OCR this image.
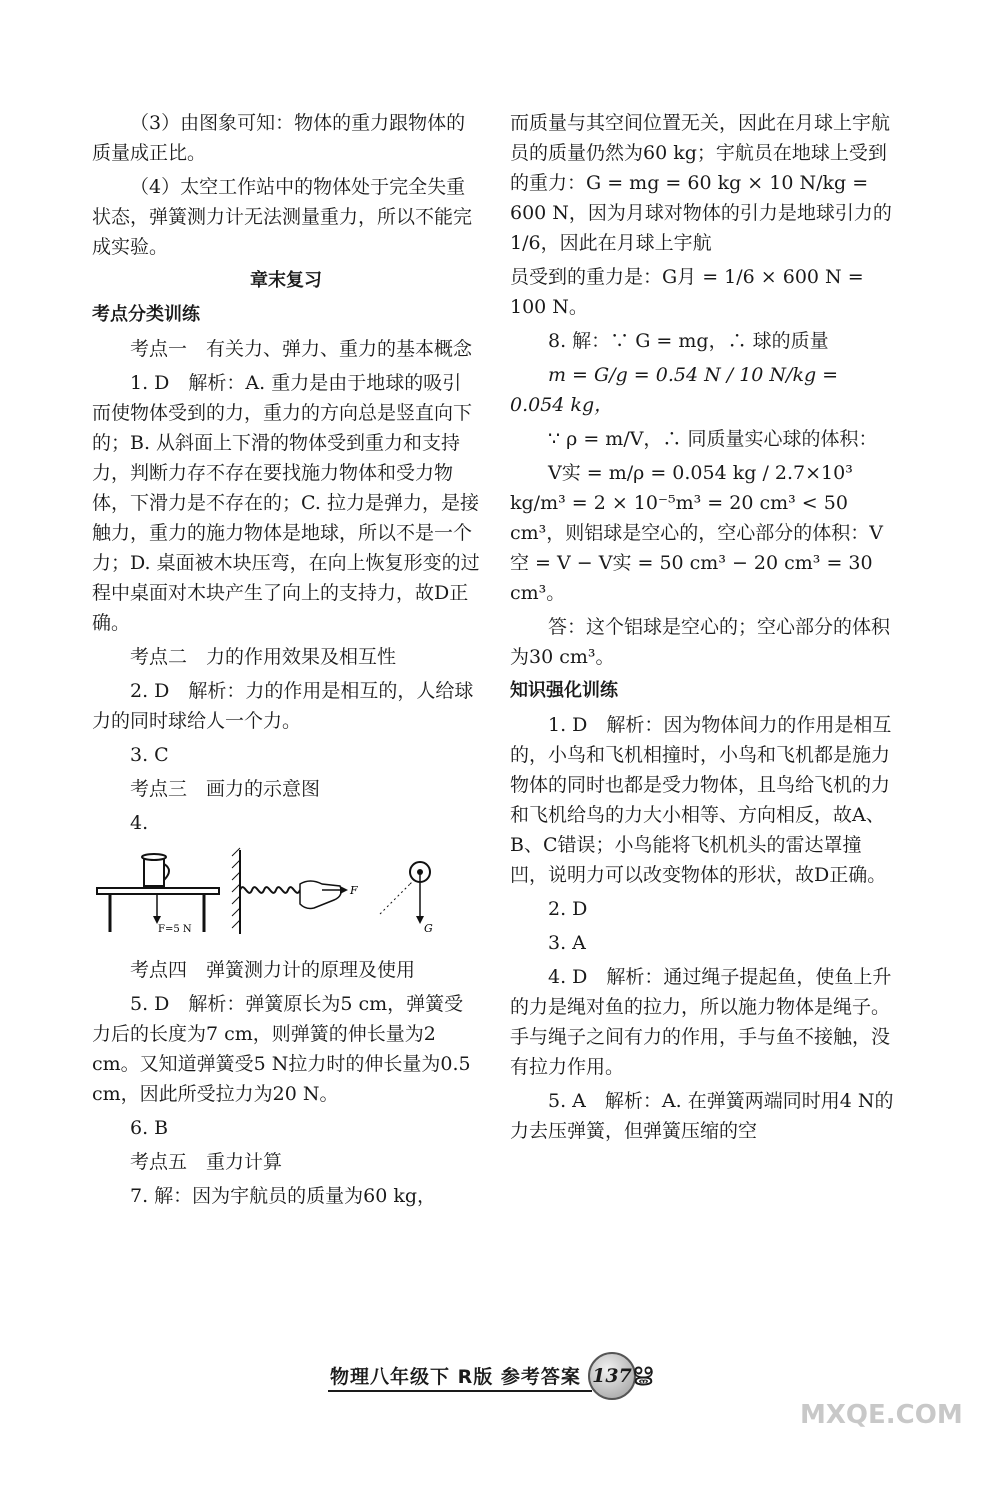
（3）由图象可知：物体的重力跟物体的质量成正比。

（4）太空工作站中的物体处于完全失重状态，弹簧测力计无法测量重力，所以不能完成实验。

章末复习

考点分类训练

考点一　有关力、弹力、重力的基本概念

1. D　解析：A. 重力是由于地球的吸引而使物体受到的力，重力的方向总是竖直向下的；B. 从斜面上下滑的物体受到重力和支持力，判断力存不存在要找施力物体和受力物体，下滑力是不存在的；C. 拉力是弹力，是接触力，重力的施力物体是地球，所以不是一个力；D. 桌面被木块压弯，在向上恢复形变的过程中桌面对木块产生了向上的支持力，故D正确。

考点二　力的作用效果及相互性

2. D　解析：力的作用是相互的，人给球力的同时球给人一个力。

3. C

考点三　画力的示意图

4.

F=5 N
F
G

考点四　弹簧测力计的原理及使用

5. D　解析：弹簧原长为5 cm，弹簧受力后的长度为7 cm，则弹簧的伸长量为2 cm。又知道弹簧受5 N拉力时的伸长量为0.5 cm，因此所受拉力为20 N。

6. B

考点五　重力计算

7. 解：因为宇航员的质量为60 kg，

而质量与其空间位置无关，因此在月球上宇航员的质量仍然为60 kg；宇航员在地球上受到的重力：G = mg = 60 kg × 10 N/kg = 600 N，因为月球对物体的引力是地球引力的1/6，因此在月球上宇航

员受到的重力是：G月 = 1/6 × 600 N = 100 N。

8. 解：∵ G = mg，∴ 球的质量

m = G/g = 0.54 N / 10 N/kg = 0.054 kg，

∵ ρ = m/V，∴ 同质量实心球的体积：

V实 = m/ρ = 0.054 kg / 2.7×10³ kg/m³ = 2 × 10⁻⁵m³ = 20 cm³ < 50 cm³，则铝球是空心的，空心部分的体积：V空 = V − V实 = 50 cm³ − 20 cm³ = 30 cm³。

答：这个铝球是空心的；空心部分的体积为30 cm³。

知识强化训练

1. D　解析：因为物体间力的作用是相互的，小鸟和飞机相撞时，小鸟和飞机都是施力物体的同时也都是受力物体，且鸟给飞机的力和飞机给鸟的力大小相等、方向相反，故A、B、C错误；小鸟能将飞机机头的雷达罩撞凹，说明力可以改变物体的形状，故D正确。

2. D

3. A

4. D　解析：通过绳子提起鱼，使鱼上升的力是绳对鱼的拉力，所以施力物体是绳子。手与绳子之间有力的作用，手与鱼不接触，没有拉力作用。

5. A　解析：A. 在弹簧两端同时用4 N的力去压弹簧，但弹簧压缩的空

物理八年级下 R版 参考答案 137 ൠ
MXQE.COM
